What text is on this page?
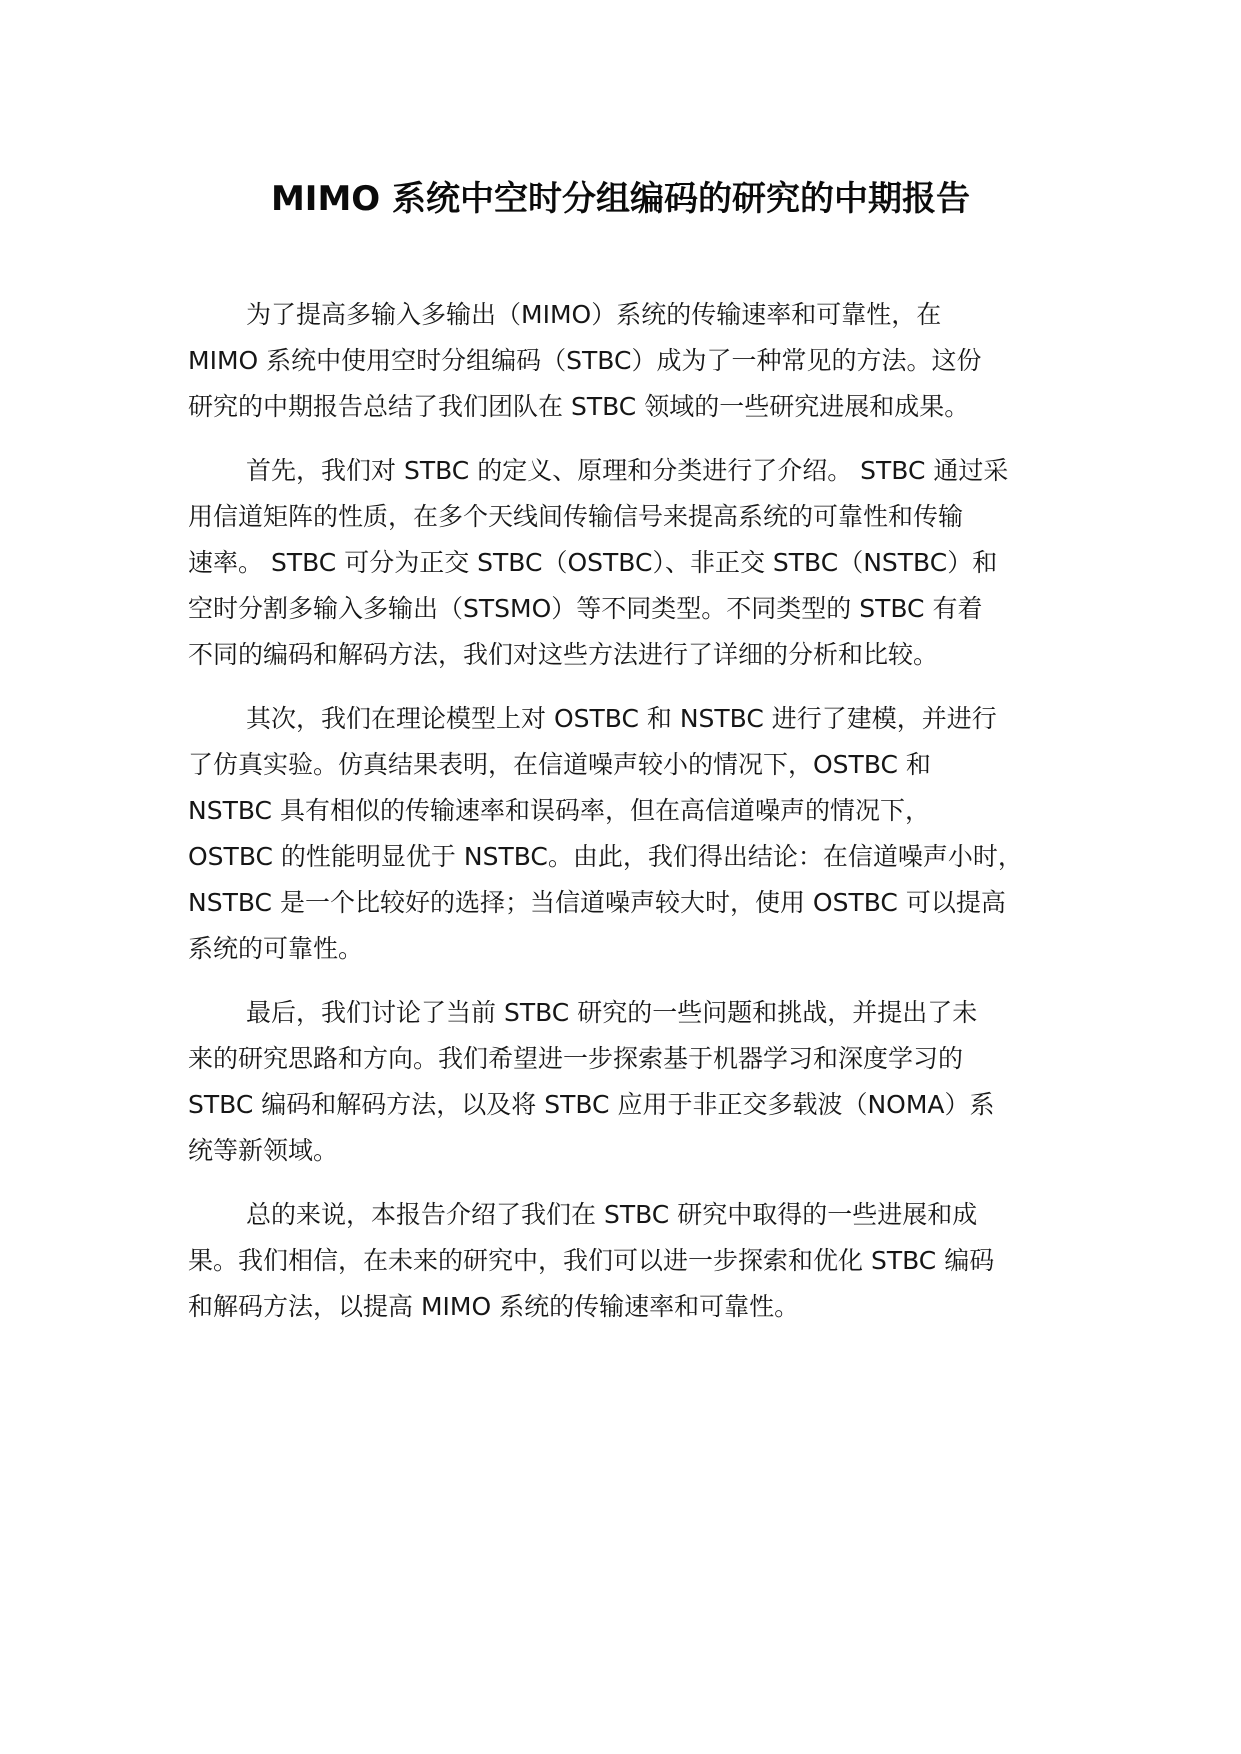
MIMO 系统中空时分组编码的研究的中期报告
为了提高多输入多输出（MIMO）系统的传输速率和可靠性，在
MIMO 系统中使用空时分组编码（STBC）成为了一种常见的方法。这份
研究的中期报告总结了我们团队在 STBC 领域的一些研究进展和成果。
首先，我们对 STBC 的定义、原理和分类进行了介绍。 STBC 通过采
用信道矩阵的性质，在多个天线间传输信号来提高系统的可靠性和传输
速率。 STBC 可分为正交 STBC（OSTBC）、非正交 STBC（NSTBC）和
空时分割多输入多输出（STSMO）等不同类型。不同类型的 STBC 有着
不同的编码和解码方法，我们对这些方法进行了详细的分析和比较。
其次，我们在理论模型上对 OSTBC 和 NSTBC 进行了建模，并进行
了仿真实验。仿真结果表明，在信道噪声较小的情况下，OSTBC 和
NSTBC 具有相似的传输速率和误码率，但在高信道噪声的情况下，
OSTBC 的性能明显优于 NSTBC。由此，我们得出结论：在信道噪声小时，
NSTBC 是一个比较好的选择；当信道噪声较大时，使用 OSTBC 可以提高
系统的可靠性。
最后，我们讨论了当前 STBC 研究的一些问题和挑战，并提出了未
来的研究思路和方向。我们希望进一步探索基于机器学习和深度学习的
STBC 编码和解码方法，以及将 STBC 应用于非正交多载波（NOMA）系
统等新领域。
总的来说，本报告介绍了我们在 STBC 研究中取得的一些进展和成
果。我们相信，在未来的研究中，我们可以进一步探索和优化 STBC 编码
和解码方法，以提高 MIMO 系统的传输速率和可靠性。
